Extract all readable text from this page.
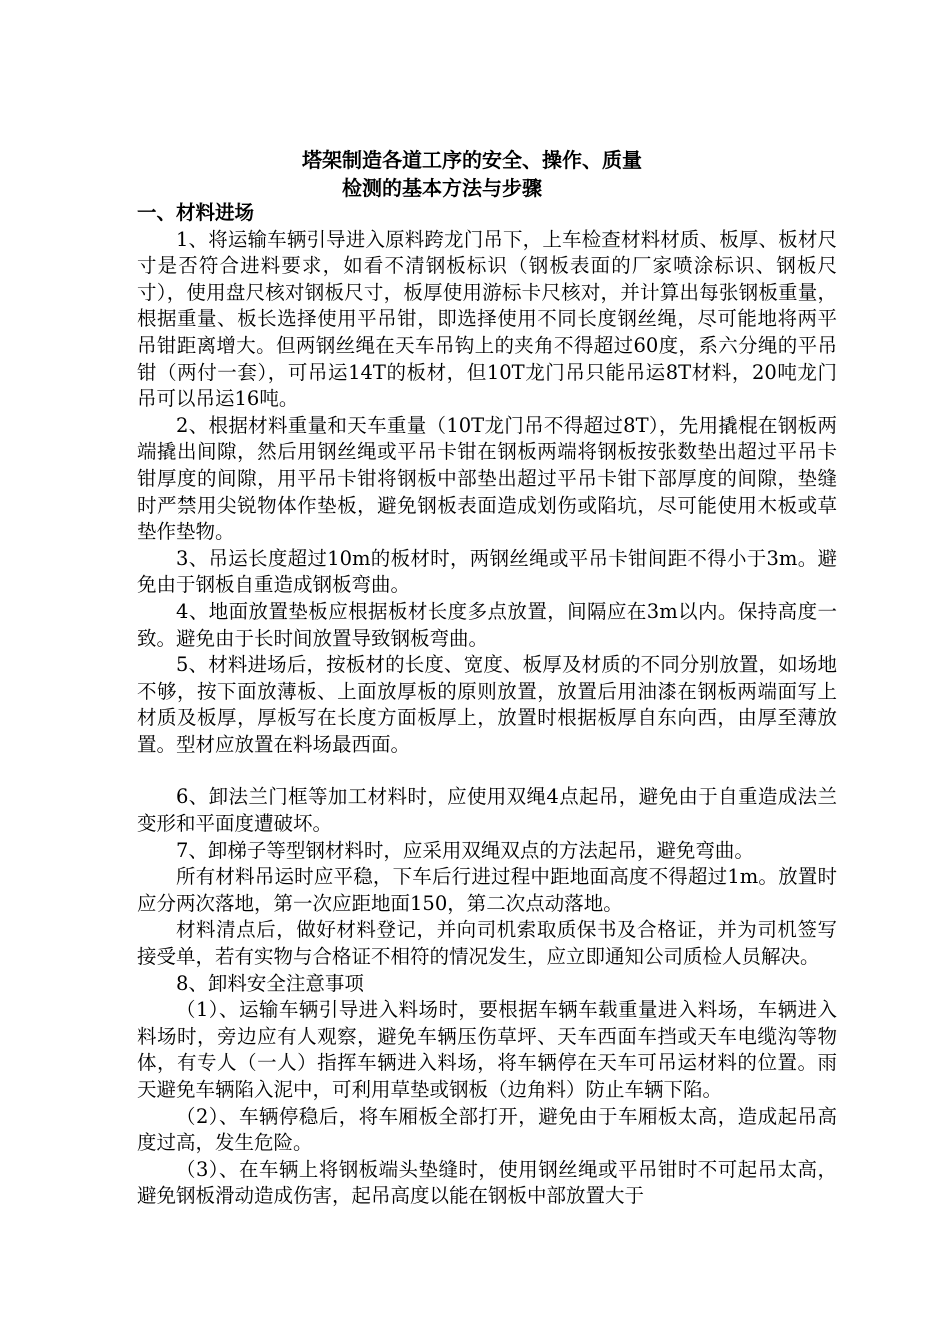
塔架制造各道工序的安全、操作、质量
检测的基本方法与步骤

一、材料进场

1、将运输车辆引导进入原料跨龙门吊下，上车检查材料材质、板厚、板材尺寸是否符合进料要求，如看不清钢板标识（钢板表面的厂家喷涂标识、钢板尺寸），使用盘尺核对钢板尺寸，板厚使用游标卡尺核对，并计算出每张钢板重量，根据重量、板长选择使用平吊钳，即选择使用不同长度钢丝绳，尽可能地将两平吊钳距离增大。但两钢丝绳在天车吊钩上的夹角不得超过60度，系六分绳的平吊钳（两付一套），可吊运14T的板材，但10T龙门吊只能吊运8T材料，20吨龙门吊可以吊运16吨。

2、根据材料重量和天车重量（10T龙门吊不得超过8T），先用撬棍在钢板两端撬出间隙，然后用钢丝绳或平吊卡钳在钢板两端将钢板按张数垫出超过平吊卡钳厚度的间隙，用平吊卡钳将钢板中部垫出超过平吊卡钳下部厚度的间隙，垫缝时严禁用尖锐物体作垫板，避免钢板表面造成划伤或陷坑，尽可能使用木板或草垫作垫物。

3、吊运长度超过10m的板材时，两钢丝绳或平吊卡钳间距不得小于3m。避免由于钢板自重造成钢板弯曲。

4、地面放置垫板应根据板材长度多点放置，间隔应在3m以内。保持高度一致。避免由于长时间放置导致钢板弯曲。

5、材料进场后，按板材的长度、宽度、板厚及材质的不同分别放置，如场地不够，按下面放薄板、上面放厚板的原则放置，放置后用油漆在钢板两端面写上材质及板厚，厚板写在长度方面板厚上，放置时根据板厚自东向西，由厚至薄放置。型材应放置在料场最西面。

6、卸法兰门框等加工材料时，应使用双绳4点起吊，避免由于自重造成法兰变形和平面度遭破坏。

7、卸梯子等型钢材料时，应采用双绳双点的方法起吊，避免弯曲。

所有材料吊运时应平稳，下车后行进过程中距地面高度不得超过1m。放置时应分两次落地，第一次应距地面150，第二次点动落地。

材料清点后，做好材料登记，并向司机索取质保书及合格证，并为司机签写接受单，若有实物与合格证不相符的情况发生，应立即通知公司质检人员解决。

8、卸料安全注意事项

（1）、运输车辆引导进入料场时，要根据车辆车载重量进入料场，车辆进入料场时，旁边应有人观察，避免车辆压伤草坪、天车西面车挡或天车电缆沟等物体，有专人（一人）指挥车辆进入料场，将车辆停在天车可吊运材料的位置。雨天避免车辆陷入泥中，可利用草垫或钢板（边角料）防止车辆下陷。

（2）、车辆停稳后，将车厢板全部打开，避免由于车厢板太高，造成起吊高度过高，发生危险。

（3）、在车辆上将钢板端头垫缝时，使用钢丝绳或平吊钳时不可起吊太高，避免钢板滑动造成伤害，起吊高度以能在钢板中部放置大于
